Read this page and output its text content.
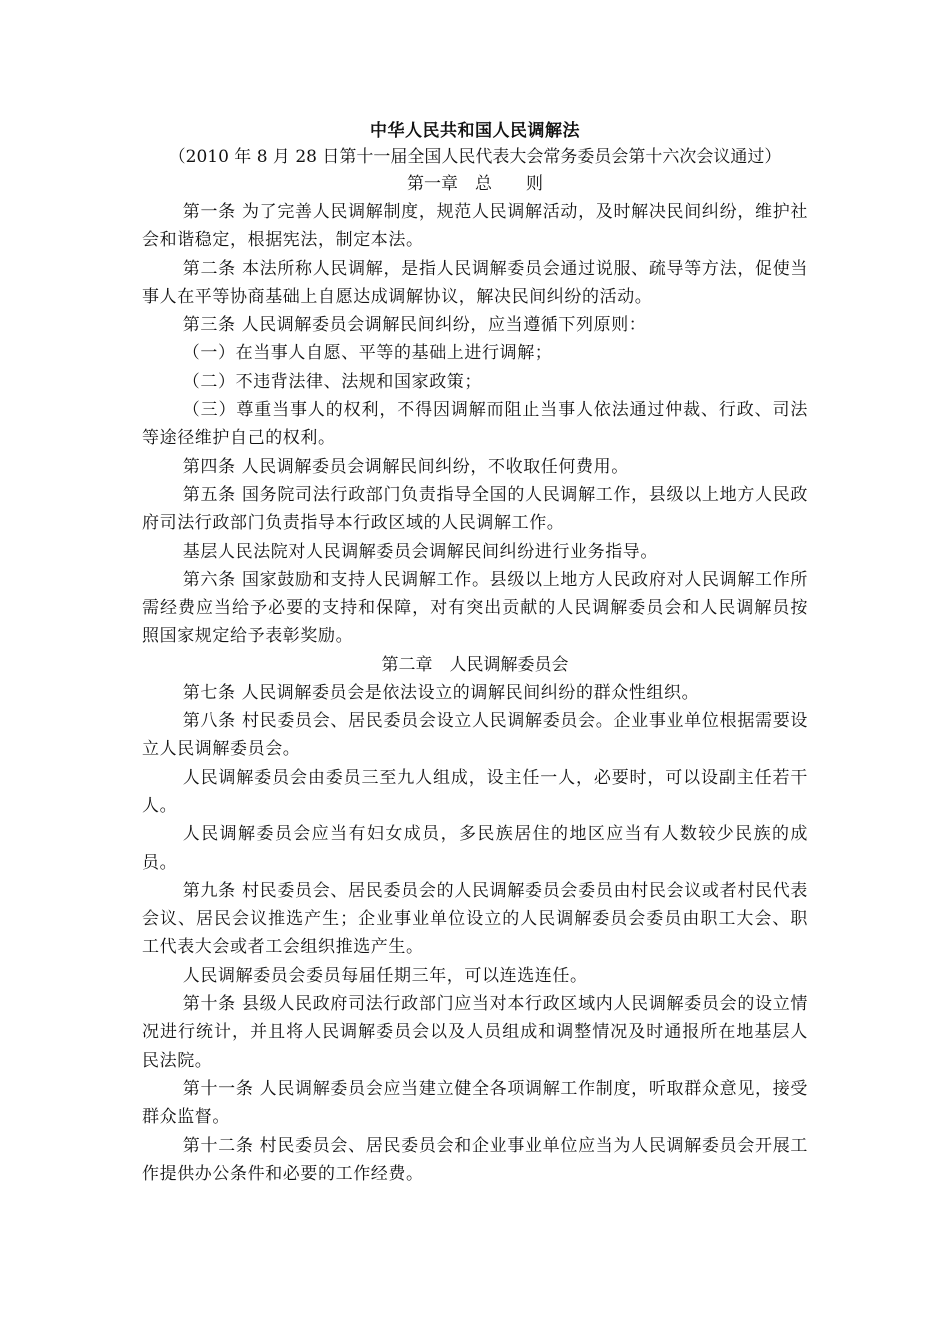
中华人民共和国人民调解法
（2010 年 8 月 28 日第十一届全国人民代表大会常务委员会第十六次会议通过）
第一章　总　　则

第一条 为了完善人民调解制度，规范人民调解活动，及时解决民间纠纷，维护社会和谐稳定，根据宪法，制定本法。

第二条 本法所称人民调解，是指人民调解委员会通过说服、疏导等方法，促使当事人在平等协商基础上自愿达成调解协议，解决民间纠纷的活动。

第三条 人民调解委员会调解民间纠纷，应当遵循下列原则：

（一）在当事人自愿、平等的基础上进行调解；

（二）不违背法律、法规和国家政策；

（三）尊重当事人的权利，不得因调解而阻止当事人依法通过仲裁、行政、司法等途径维护自己的权利。

第四条 人民调解委员会调解民间纠纷，不收取任何费用。

第五条 国务院司法行政部门负责指导全国的人民调解工作，县级以上地方人民政府司法行政部门负责指导本行政区域的人民调解工作。

基层人民法院对人民调解委员会调解民间纠纷进行业务指导。

第六条 国家鼓励和支持人民调解工作。县级以上地方人民政府对人民调解工作所需经费应当给予必要的支持和保障，对有突出贡献的人民调解委员会和人民调解员按照国家规定给予表彰奖励。

第二章　人民调解委员会

第七条 人民调解委员会是依法设立的调解民间纠纷的群众性组织。

第八条 村民委员会、居民委员会设立人民调解委员会。企业事业单位根据需要设立人民调解委员会。

人民调解委员会由委员三至九人组成，设主任一人，必要时，可以设副主任若干人。

人民调解委员会应当有妇女成员，多民族居住的地区应当有人数较少民族的成员。

第九条 村民委员会、居民委员会的人民调解委员会委员由村民会议或者村民代表会议、居民会议推选产生；企业事业单位设立的人民调解委员会委员由职工大会、职工代表大会或者工会组织推选产生。

人民调解委员会委员每届任期三年，可以连选连任。

第十条 县级人民政府司法行政部门应当对本行政区域内人民调解委员会的设立情况进行统计，并且将人民调解委员会以及人员组成和调整情况及时通报所在地基层人民法院。

第十一条 人民调解委员会应当建立健全各项调解工作制度，听取群众意见，接受群众监督。

第十二条 村民委员会、居民委员会和企业事业单位应当为人民调解委员会开展工作提供办公条件和必要的工作经费。
